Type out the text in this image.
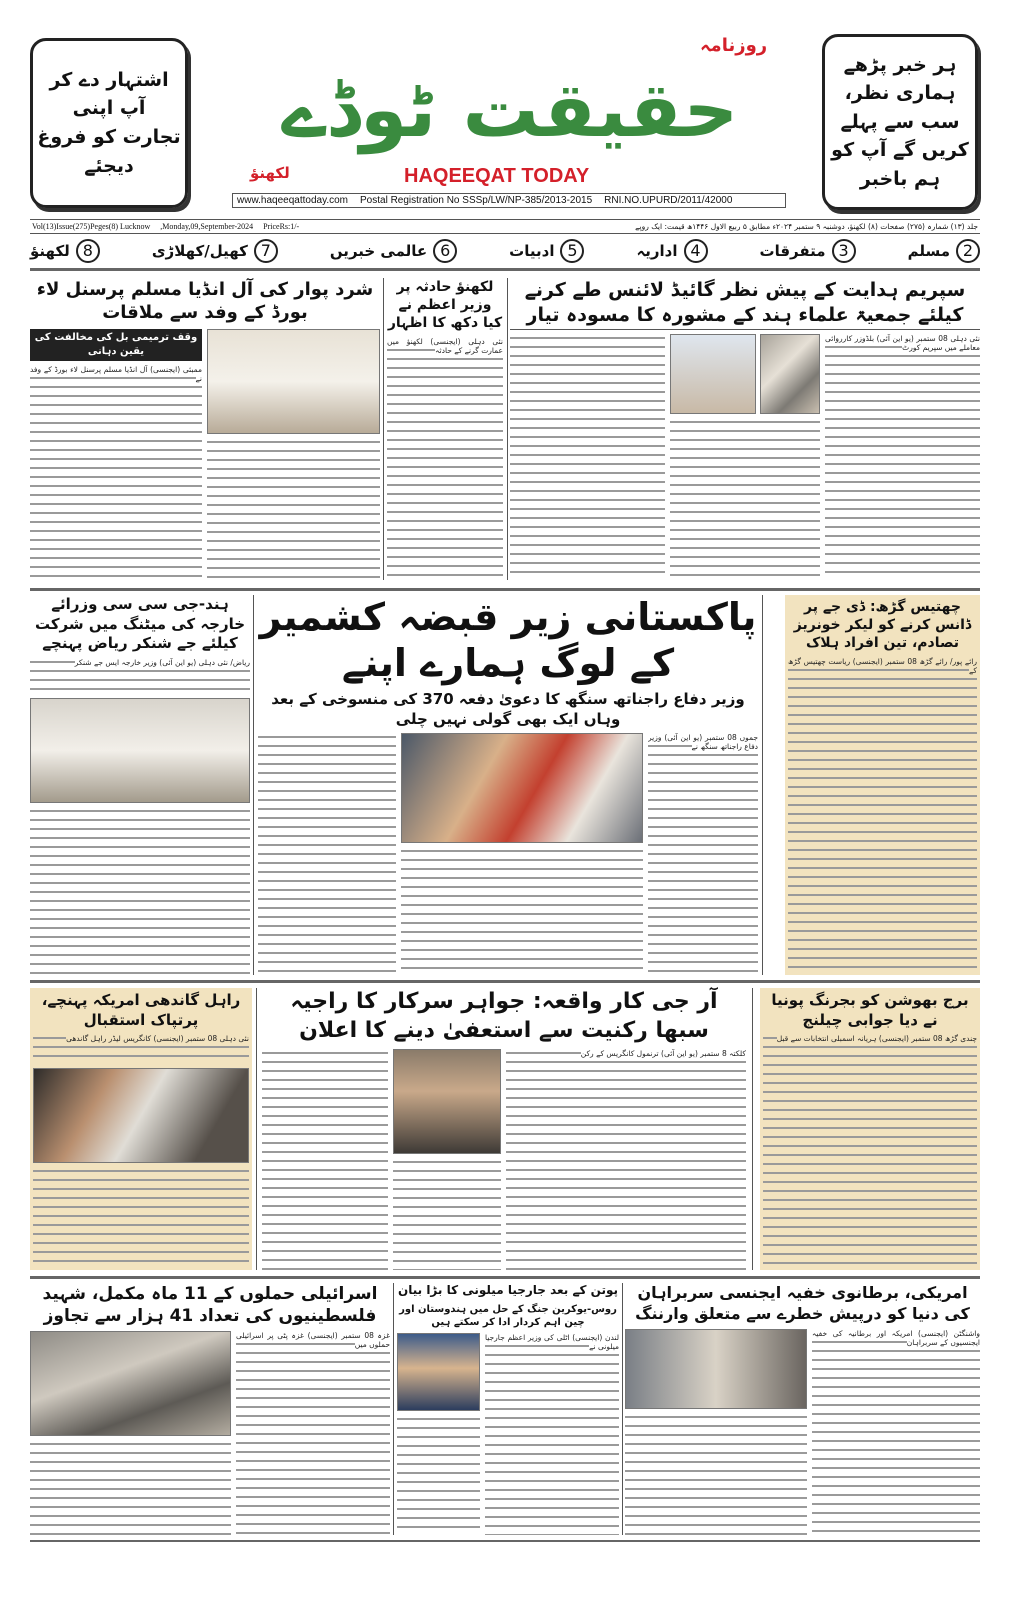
اشتہار دے کر
آپ اپنی
تجارت کو فروغ
دیجئے
ہر خبر پڑھے
ہماری نظر،
سب سے پہلے
کریں گے آپ کو
ہم باخبر
روزنامہ
حقیقت ٹوڈے
لکھنؤ	HAQEEQAT TODAY
www.haqeeqattoday.com Postal Registration No SSSp/LW/NP-385/2013-2015 RNI.NO.UPURD/2011/42000
Vol(13)Issue(275)Peges(8) Lucknow ,Monday,09,September-2024 PriceRs:1/-	جلد (۱۳) شمارہ (۲۷۵) صفحات (۸) لکھنؤ، دوشنبہ ۹ ستمبر ۲۰۲۴ء مطابق ۵ ربیع الاول ۱۴۴۶ھ قیمت: ایک روپے
2مسلم
3متفرقات
4اداریہ
5ادبیات
6عالمی خبریں
7کھیل/کھلاڑی
8لکھنؤ
سپریم ہدایت کے پیش نظر گائیڈ لائنس طے کرنے کیلئے جمعیۃ علماء ہند کے مشورہ کا مسودہ تیار
نئی دہلی 08 ستمبر (یو این آئی) بلڈوزر کارروائی معاملے میں سپریم کورٹ
لکھنؤ حادثہ پر وزیر اعظم نے کیا دکھ کا اظہار
نئی دہلی (ایجنسی) لکھنؤ میں عمارت گرنے کے حادثہ
شرد پوار کی آل انڈیا مسلم پرسنل لاء بورڈ کے وفد سے ملاقات
وقف ترمیمی بل کی مخالفت کی یقین دہانی
ممبئی (ایجنسی) آل انڈیا مسلم پرسنل لاء بورڈ کے وفد نے
ہند-جی سی سی وزرائے خارجہ کی میٹنگ میں شرکت کیلئے جے شنکر ریاض پہنچے
ریاض/ نئی دہلی (یو این آئی) وزیر خارجہ ایس جے شنکر
پاکستانی زیر قبضہ کشمیر کے لوگ ہمارے اپنے
وزیر دفاع راجناتھ سنگھ کا دعویٰ دفعہ 370 کی منسوخی کے بعد وہاں ایک بھی گولی نہیں چلی
جموں 08 ستمبر (یو این آئی) وزیر دفاع راجناتھ سنگھ نے
چھتیس گڑھ: ڈی جے پر ڈانس کرنے کو لیکر خونریز تصادم، تین افراد ہلاک
رائے پور/ رائے گڑھ 08 ستمبر (ایجنسی) ریاست چھتیس گڑھ کے
راہل گاندھی امریکہ پہنچے، پرتپاک استقبال
نئی دہلی 08 ستمبر (ایجنسی) کانگریس لیڈر راہل گاندھی
آر جی کار واقعہ: جواہر سرکار کا راجیہ سبھا رکنیت سے استعفیٰ دینے کا اعلان
کلکتہ 8 ستمبر (یو این آئی) ترنمول کانگریس کے رکن
برج بھوشن کو بجرنگ پونیا نے دیا جوابی چیلنج
چندی گڑھ 08 ستمبر (ایجنسی) ہریانہ اسمبلی انتخابات سے قبل
امریکی، برطانوی خفیہ ایجنسی سربراہان کی دنیا کو درپیش خطرے سے متعلق وارننگ
واشنگٹن (ایجنسی) امریکہ اور برطانیہ کی خفیہ ایجنسیوں کے سربراہان
پوتن کے بعد جارجیا میلونی کا بڑا بیان
روس-یوکرین جنگ کے حل میں ہندوستان اور چین اہم کردار ادا کر سکتے ہیں
لندن (ایجنسی) اٹلی کی وزیر اعظم جارجیا میلونی نے
اسرائیلی حملوں کے 11 ماہ مکمل، شہید فلسطینیوں کی تعداد 41 ہزار سے تجاوز
غزہ 08 ستمبر (ایجنسی) غزہ پٹی پر اسرائیلی حملوں میں
